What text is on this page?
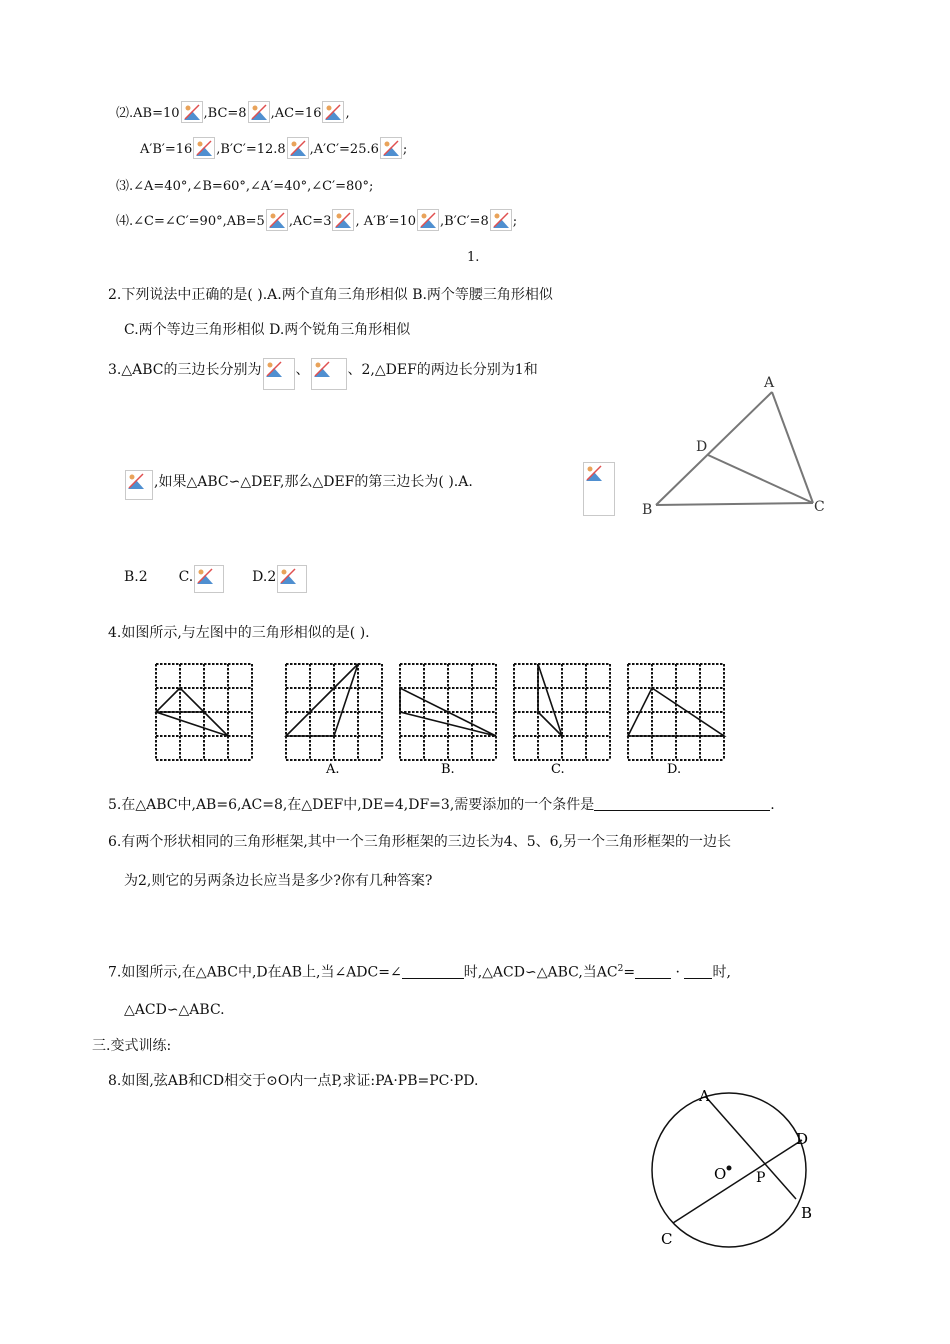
⑵.AB=10 ,BC=8 ,AC=16 ,
A′B′=16 ,B′C′=12.8 ,A′C′=25.6 ;
⑶.∠A=40°,∠B=60°,∠A′=40°,∠C′=80°;
⑷.∠C=∠C′=90°,AB=5 ,AC=3 , A′B′=10 ,B′C′=8 ;
1.
2.下列说法中正确的是( ).A.两个直角三角形相似 B.两个等腰三角形相似
C.两个等边三角形相似 D.两个锐角三角形相似
3.△ABC的三边长分别为 、	、2,△DEF的两边长分别为1和
,如果△ABC∽△DEF,那么△DEF的第三边长为( ).A.
B.2 C.	D.2
A
D
B	C
4.如图所示,与左图中的三角形相似的是( ).
A.	B.	C.	D.
5.在△ABC中,AB=6,AC=8,在△DEF中,DE=4,DF=3,需要添加的一个条件是	.
6.有两个形状相同的三角形框架,其中一个三角形框架的三边长为4、5、6,另一个三角形框架的一边长
为2,则它的另两条边长应当是多少?你有几种答案?
7.如图所示,在△ABC中,D在AB上,当∠ADC=∠	时,△ACD∽△ABC,当$AC^2=$	· 时,
△ACD∽△ABC.
三.变式训练:
8.如图,弦AB和CD相交于⊙O内一点P,求证:PA·PB=PC·PD.
A
D
O P
B
C
